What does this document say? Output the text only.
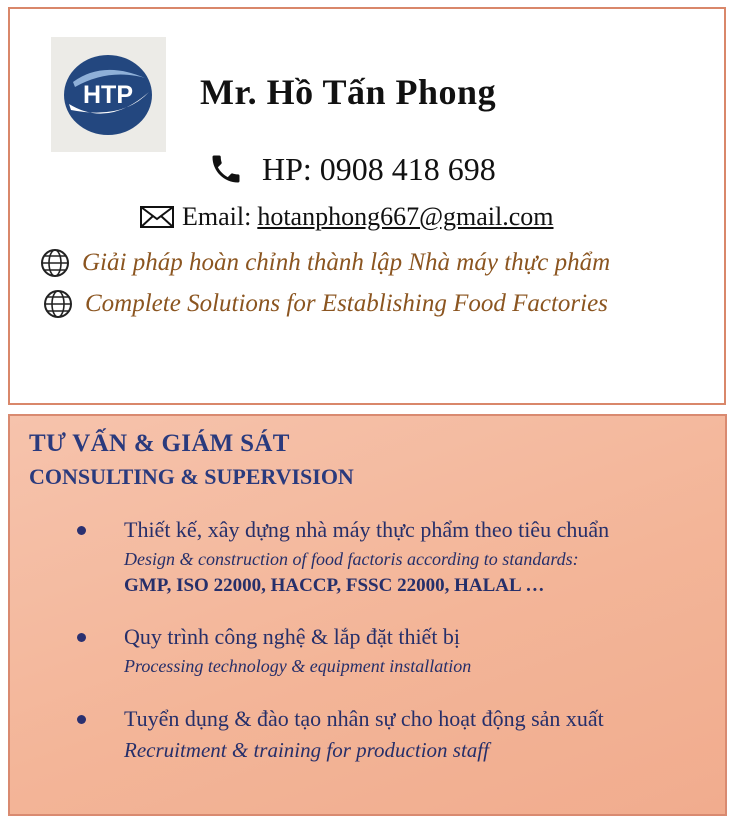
HTP Mr. Hồ Tấn Phong
HP: 0908 418 698
Email: hotanphong667@gmail.com
Giải pháp hoàn chỉnh thành lập Nhà máy thực phẩm
Complete Solutions for Establishing Food Factories
TƯ VẤN & GIÁM SÁT
CONSULTING & SUPERVISION
Thiết kế, xây dựng nhà máy thực phẩm theo tiêu chuẩn
Design & construction of food factoris according to standards:
GMP, ISO 22000, HACCP, FSSC 22000, HALAL …
Quy trình công nghệ & lắp đặt thiết bị
Processing technology & equipment installation
Tuyển dụng & đào tạo nhân sự cho hoạt động sản xuất
Recruitment & training for production staff
